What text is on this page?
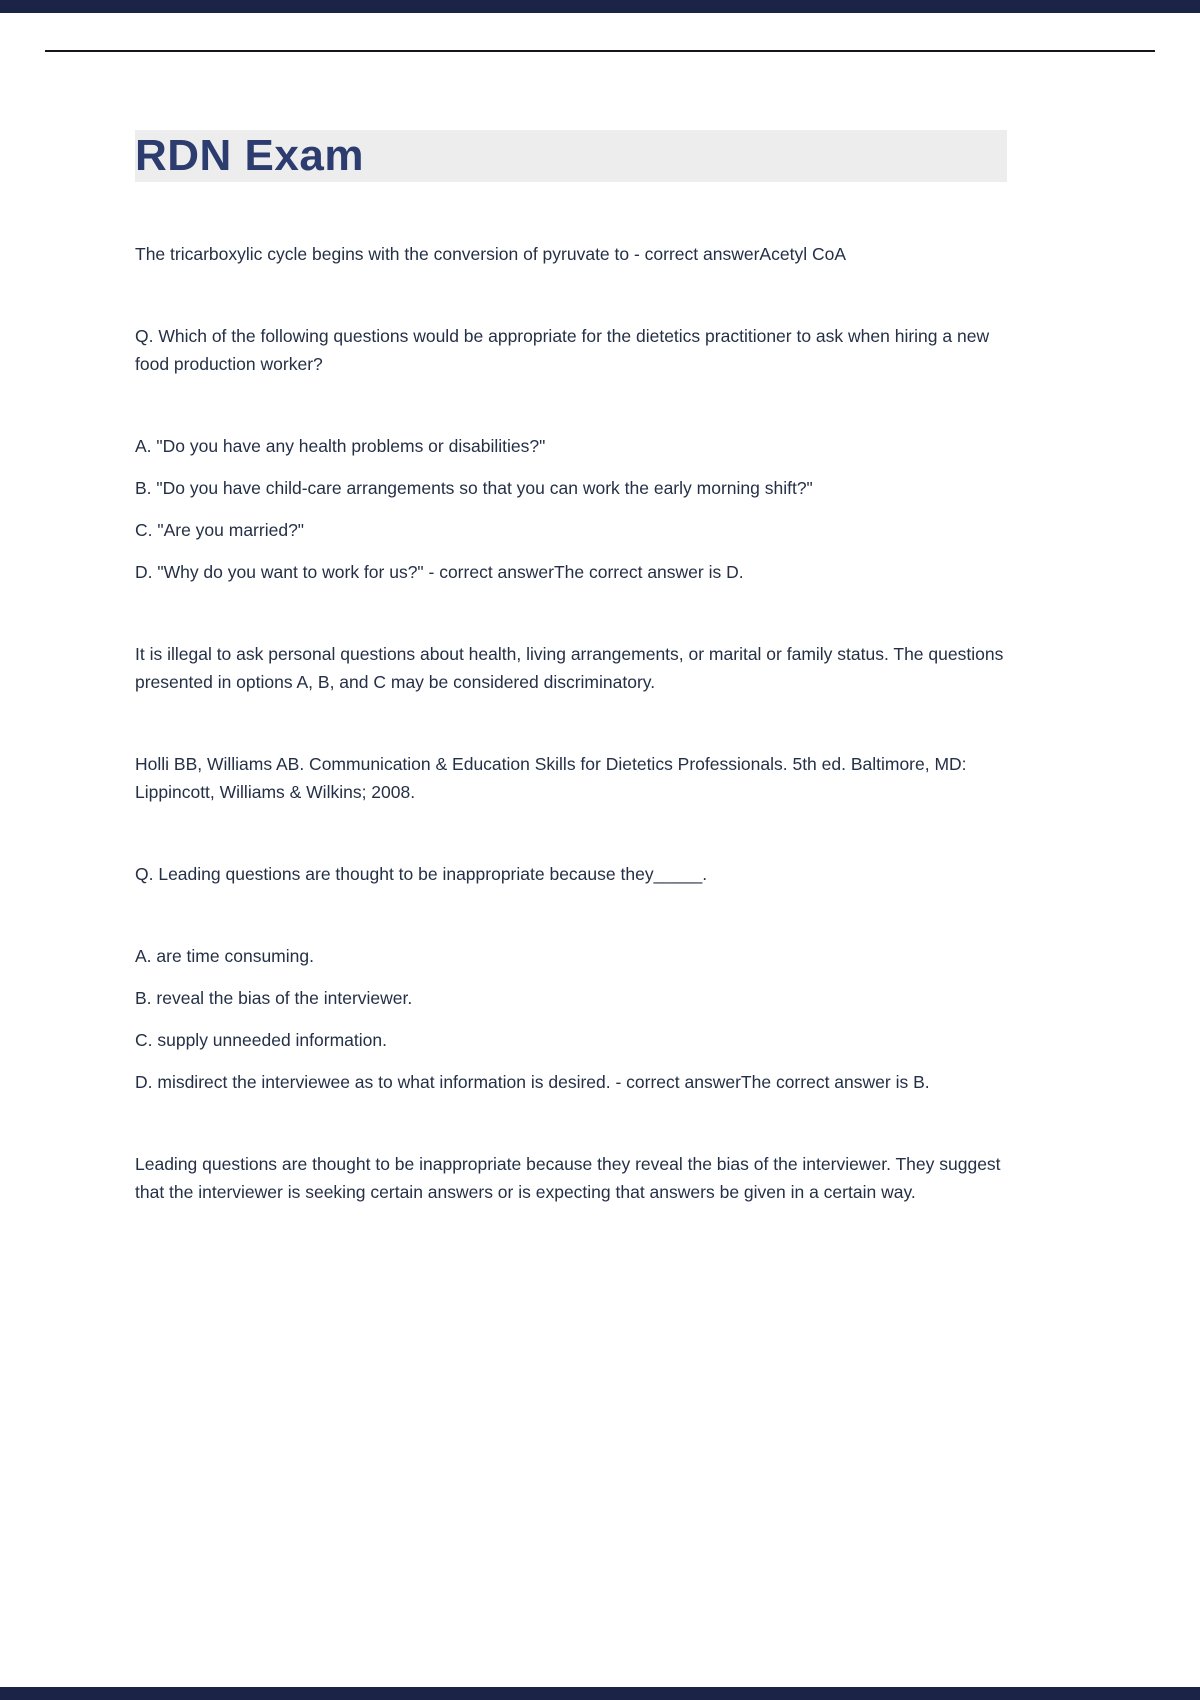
RDN Exam

The tricarboxylic cycle begins with the conversion of pyruvate to - correct answerAcetyl CoA

Q. Which of the following questions would be appropriate for the dietetics practitioner to ask when hiring a new food production worker?

A. "Do you have any health problems or disabilities?"

B. "Do you have child-care arrangements so that you can work the early morning shift?"

C. "Are you married?"

D. "Why do you want to work for us?" - correct answerThe correct answer is D.

It is illegal to ask personal questions about health, living arrangements, or marital or family status. The questions presented in options A, B, and C may be considered discriminatory.

Holli BB, Williams AB. Communication & Education Skills for Dietetics Professionals. 5th ed. Baltimore, MD: Lippincott, Williams & Wilkins; 2008.

Q. Leading questions are thought to be inappropriate because they_____.

A. are time consuming.

B. reveal the bias of the interviewer.

C. supply unneeded information.

D. misdirect the interviewee as to what information is desired. - correct answerThe correct answer is B.

Leading questions are thought to be inappropriate because they reveal the bias of the interviewer. They suggest that the interviewer is seeking certain answers or is expecting that answers be given in a certain way.
